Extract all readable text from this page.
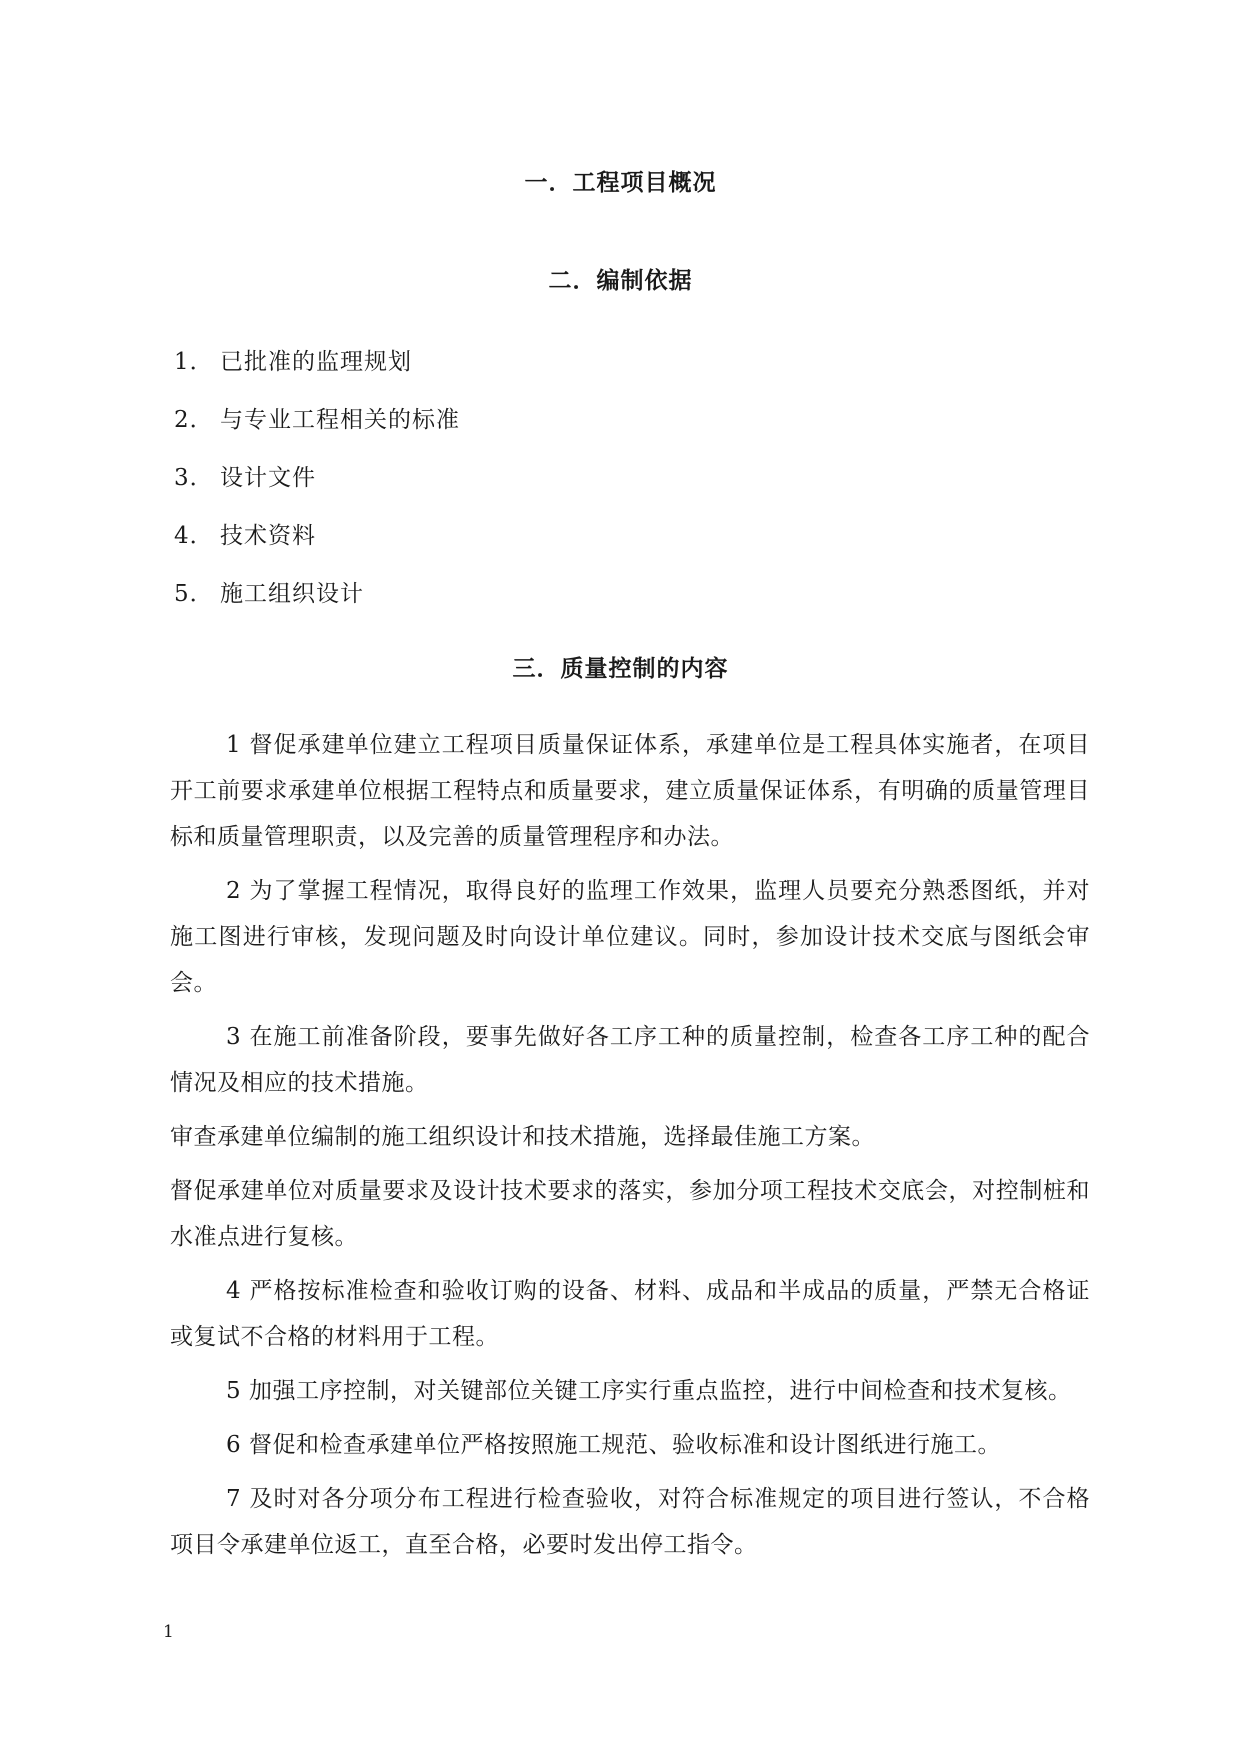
一．工程项目概况
二．编制依据
1． 已批准的监理规划
2． 与专业工程相关的标准
3． 设计文件
4． 技术资料
5． 施工组织设计
三．质量控制的内容

1 督促承建单位建立工程项目质量保证体系，承建单位是工程具体实施者，在项目开工前要求承建单位根据工程特点和质量要求，建立质量保证体系，有明确的质量管理目标和质量管理职责，以及完善的质量管理程序和办法。

2 为了掌握工程情况，取得良好的监理工作效果，监理人员要充分熟悉图纸，并对施工图进行审核，发现问题及时向设计单位建议。同时，参加设计技术交底与图纸会审会。

3 在施工前准备阶段，要事先做好各工序工种的质量控制，检查各工序工种的配合情况及相应的技术措施。

审查承建单位编制的施工组织设计和技术措施，选择最佳施工方案。

督促承建单位对质量要求及设计技术要求的落实，参加分项工程技术交底会，对控制桩和水准点进行复核。

4 严格按标准检查和验收订购的设备、材料、成品和半成品的质量，严禁无合格证或复试不合格的材料用于工程。

5 加强工序控制，对关键部位关键工序实行重点监控，进行中间检查和技术复核。

6 督促和检查承建单位严格按照施工规范、验收标准和设计图纸进行施工。

7 及时对各分项分布工程进行检查验收，对符合标准规定的项目进行签认，不合格项目令承建单位返工，直至合格，必要时发出停工指令。

1
